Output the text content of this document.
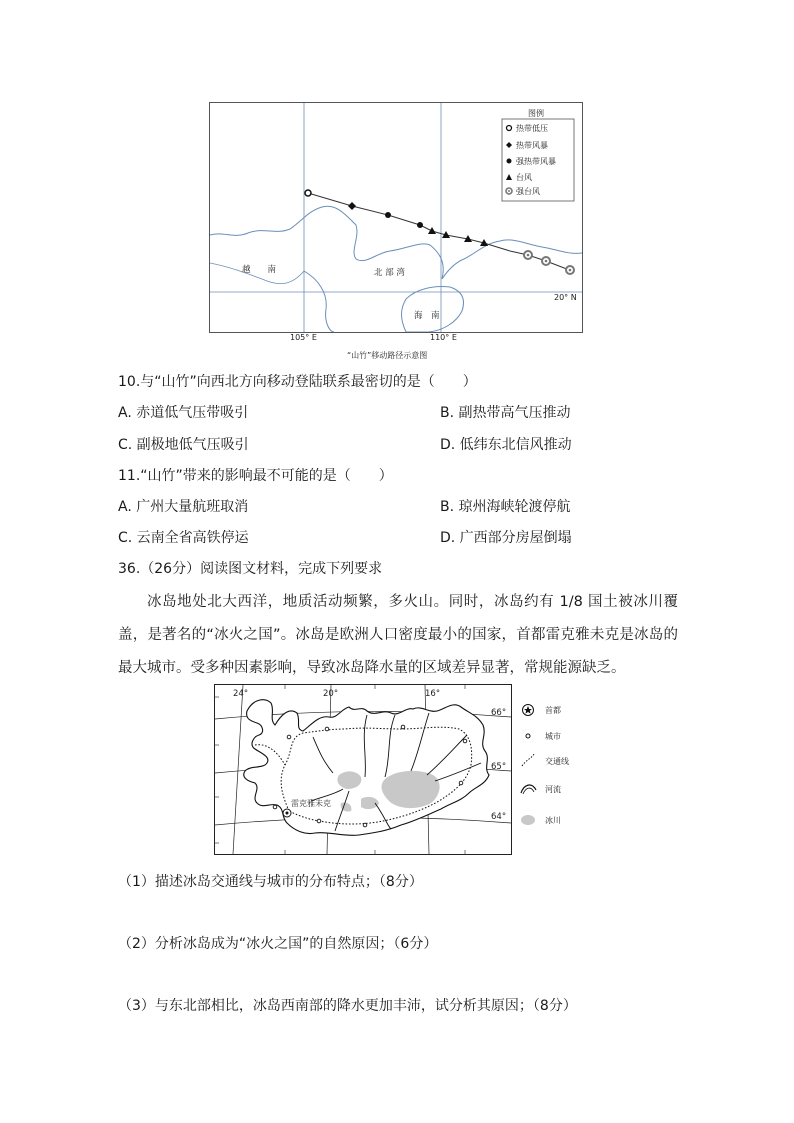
越　　南	北 部 湾
海　南
20° N
图例
热带低压
热带风暴
强热带风暴
台风
强台风
105° E	110° E
“山竹”移动路径示意图
10.与“山竹”向西北方向移动登陆联系最密切的是（　　）
A. 赤道低气压带吸引	B. 副热带高气压推动
C. 副极地低气压吸引	D. 低纬东北信风推动
11.“山竹”带来的影响最不可能的是（　　）
A. 广州大量航班取消	B. 琼州海峡轮渡停航
C. 云南全省高铁停运	D. 广西部分房屋倒塌
36.（26分）阅读图文材料，完成下列要求
冰岛地处北大西洋，地质活动频繁，多火山。同时，冰岛约有 1/8 国土被冰川覆盖，是著名的“冰火之国”。冰岛是欧洲人口密度最小的国家，首都雷克雅未克是冰岛的最大城市。受多种因素影响，导致冰岛降水量的区域差异显著，常规能源缺乏。
雷克雅未克
24°	20°	16°
66°
65°
64°
首都
城市
交通线
河流
冰川
（1）描述冰岛交通线与城市的分布特点；（8分）
（2）分析冰岛成为“冰火之国”的自然原因；（6分）
（3）与东北部相比，冰岛西南部的降水更加丰沛，试分析其原因；（8分）
